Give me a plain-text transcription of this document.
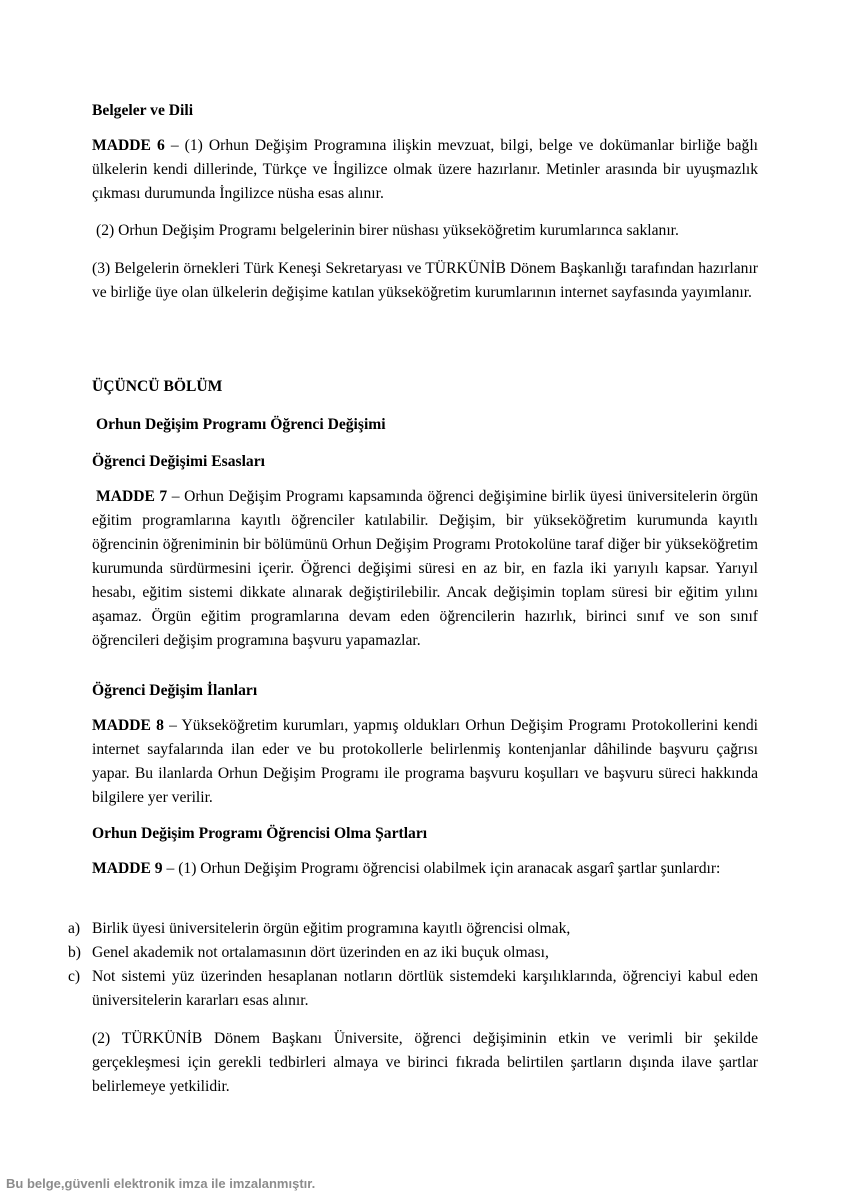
Belgeler ve Dili

MADDE 6 – (1) Orhun Değişim Programına ilişkin mevzuat, bilgi, belge ve dokümanlar birliğe bağlı ülkelerin kendi dillerinde, Türkçe ve İngilizce olmak üzere hazırlanır. Metinler arasında bir uyuşmazlık çıkması durumunda İngilizce nüsha esas alınır.

(2) Orhun Değişim Programı belgelerinin birer nüshası yükseköğretim kurumlarınca saklanır.

(3) Belgelerin örnekleri Türk Keneşi Sekretaryası ve TÜRKÜNİB Dönem Başkanlığı tarafından hazırlanır ve birliğe üye olan ülkelerin değişime katılan yükseköğretim kurumlarının internet sayfasında yayımlanır.

ÜÇÜNCÜ BÖLÜM

Orhun Değişim Programı Öğrenci Değişimi

Öğrenci Değişimi Esasları

MADDE 7 – Orhun Değişim Programı kapsamında öğrenci değişimine birlik üyesi üniversitelerin örgün eğitim programlarına kayıtlı öğrenciler katılabilir. Değişim, bir yükseköğretim kurumunda kayıtlı öğrencinin öğreniminin bir bölümünü Orhun Değişim Programı Protokolüne taraf diğer bir yükseköğretim kurumunda sürdürmesini içerir. Öğrenci değişimi süresi en az bir, en fazla iki yarıyılı kapsar. Yarıyıl hesabı, eğitim sistemi dikkate alınarak değiştirilebilir. Ancak değişimin toplam süresi bir eğitim yılını aşamaz. Örgün eğitim programlarına devam eden öğrencilerin hazırlık, birinci sınıf ve son sınıf öğrencileri değişim programına başvuru yapamazlar.

Öğrenci Değişim İlanları

MADDE 8 – Yükseköğretim kurumları, yapmış oldukları Orhun Değişim Programı Protokollerini kendi internet sayfalarında ilan eder ve bu protokollerle belirlenmiş kontenjanlar dâhilinde başvuru çağrısı yapar. Bu ilanlarda Orhun Değişim Programı ile programa başvuru koşulları ve başvuru süreci hakkında bilgilere yer verilir.

Orhun Değişim Programı Öğrencisi Olma Şartları

MADDE 9 – (1) Orhun Değişim Programı öğrencisi olabilmek için aranacak asgarî şartlar şunlardır:

a) Birlik üyesi üniversitelerin örgün eğitim programına kayıtlı öğrencisi olmak,
b) Genel akademik not ortalamasının dört üzerinden en az iki buçuk olması,
c) Not sistemi yüz üzerinden hesaplanan notların dörtlük sistemdeki karşılıklarında, öğrenciyi kabul eden üniversitelerin kararları esas alınır.

(2) TÜRKÜNİB Dönem Başkanı Üniversite, öğrenci değişiminin etkin ve verimli bir şekilde gerçekleşmesi için gerekli tedbirleri almaya ve birinci fıkrada belirtilen şartların dışında ilave şartlar belirlemeye yetkilidir.

Bu belge,güvenli elektronik imza ile imzalanmıştır.
